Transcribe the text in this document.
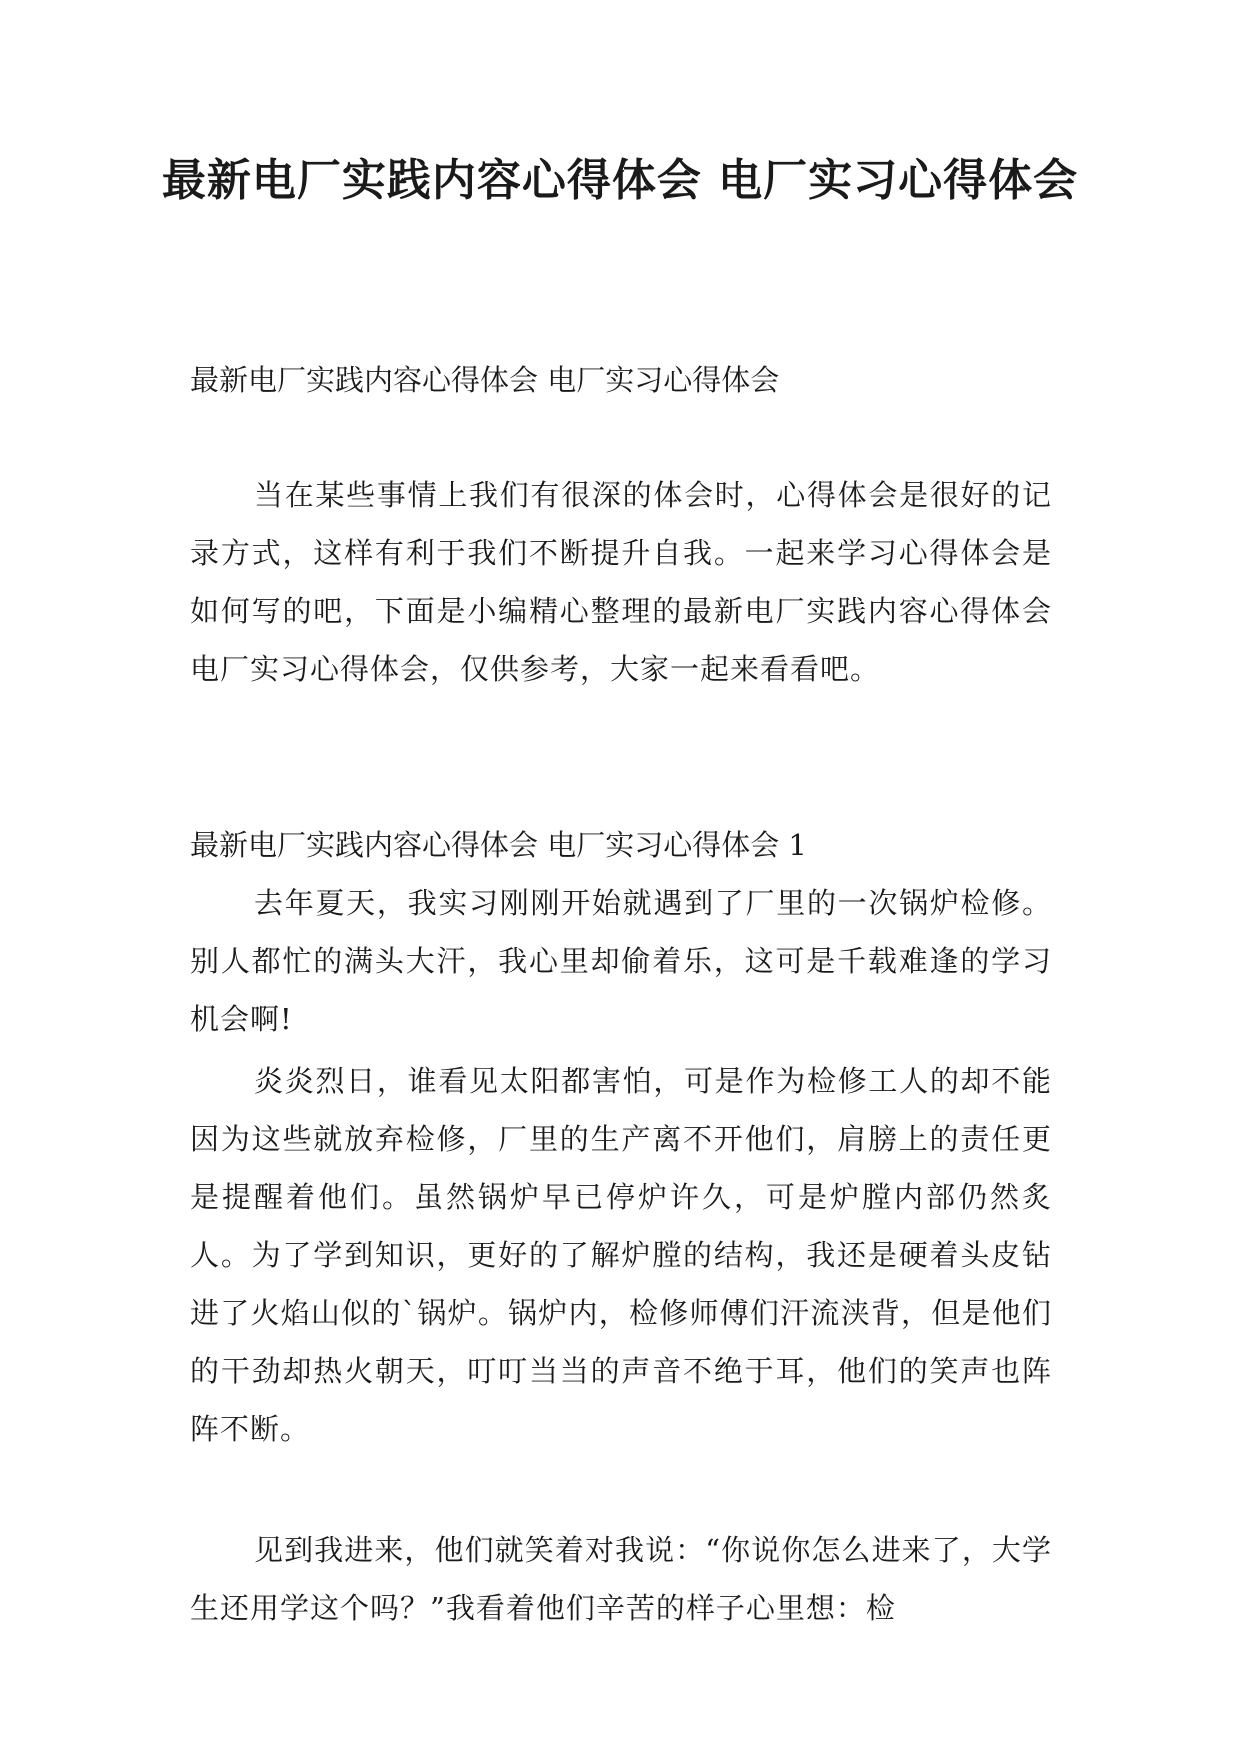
最新电厂实践内容心得体会 电厂实习心得体会

最新电厂实践内容心得体会 电厂实习心得体会

当在某些事情上我们有很深的体会时，心得体会是很好的记录方式，这样有利于我们不断提升自我。一起来学习心得体会是如何写的吧，下面是小编精心整理的最新电厂实践内容心得体会 电厂实习心得体会，仅供参考，大家一起来看看吧。

最新电厂实践内容心得体会 电厂实习心得体会 1

去年夏天，我实习刚刚开始就遇到了厂里的一次锅炉检修。别人都忙的满头大汗，我心里却偷着乐，这可是千载难逢的学习机会啊!

炎炎烈日，谁看见太阳都害怕，可是作为检修工人的却不能因为这些就放弃检修，厂里的生产离不开他们，肩膀上的责任更是提醒着他们。虽然锅炉早已停炉许久，可是炉膛内部仍然炙人。为了学到知识，更好的了解炉膛的结构，我还是硬着头皮钻进了火焰山似的`锅炉。锅炉内，检修师傅们汗流浃背，但是他们的干劲却热火朝天，叮叮当当的声音不绝于耳，他们的笑声也阵阵不断。

见到我进来，他们就笑着对我说：“你说你怎么进来了，大学生还用学这个吗？”我看着他们辛苦的样子心里想：检
